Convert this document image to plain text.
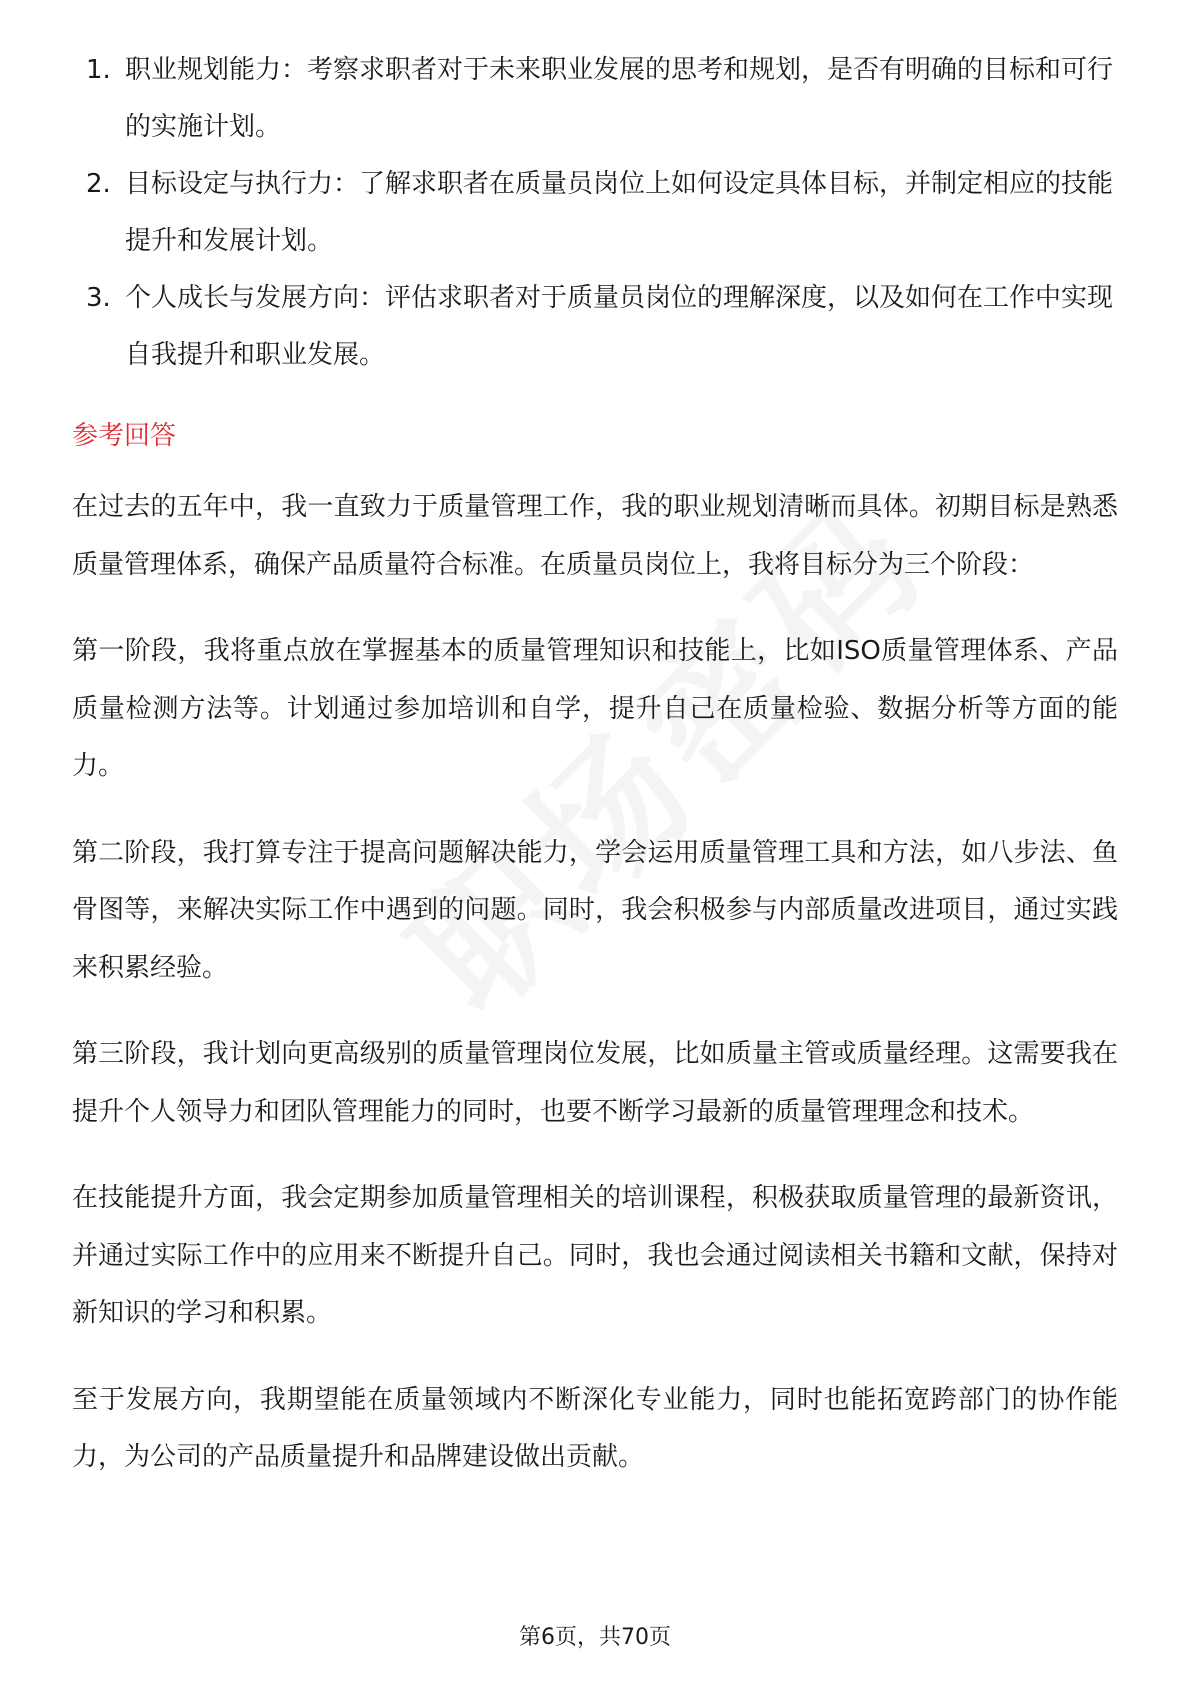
1. 职业规划能力：考察求职者对于未来职业发展的思考和规划，是否有明确的目标和可行的实施计划。
2. 目标设定与执行力：了解求职者在质量员岗位上如何设定具体目标，并制定相应的技能提升和发展计划。
3. 个人成长与发展方向：评估求职者对于质量员岗位的理解深度，以及如何在工作中实现自我提升和职业发展。
参考回答

在过去的五年中，我一直致力于质量管理工作，我的职业规划清晰而具体。初期目标是熟悉质量管理体系，确保产品质量符合标准。在质量员岗位上，我将目标分为三个阶段：

第一阶段，我将重点放在掌握基本的质量管理知识和技能上，比如ISO质量管理体系、产品质量检测方法等。计划通过参加培训和自学，提升自己在质量检验、数据分析等方面的能力。

第二阶段，我打算专注于提高问题解决能力，学会运用质量管理工具和方法，如八步法、鱼骨图等，来解决实际工作中遇到的问题。同时，我会积极参与内部质量改进项目，通过实践来积累经验。

第三阶段，我计划向更高级别的质量管理岗位发展，比如质量主管或质量经理。这需要我在提升个人领导力和团队管理能力的同时，也要不断学习最新的质量管理理念和技术。

在技能提升方面，我会定期参加质量管理相关的培训课程，积极获取质量管理的最新资讯，并通过实际工作中的应用来不断提升自己。同时，我也会通过阅读相关书籍和文献，保持对新知识的学习和积累。

至于发展方向，我期望能在质量领域内不断深化专业能力，同时也能拓宽跨部门的协作能力，为公司的产品质量提升和品牌建设做出贡献。

第6页，共70页
